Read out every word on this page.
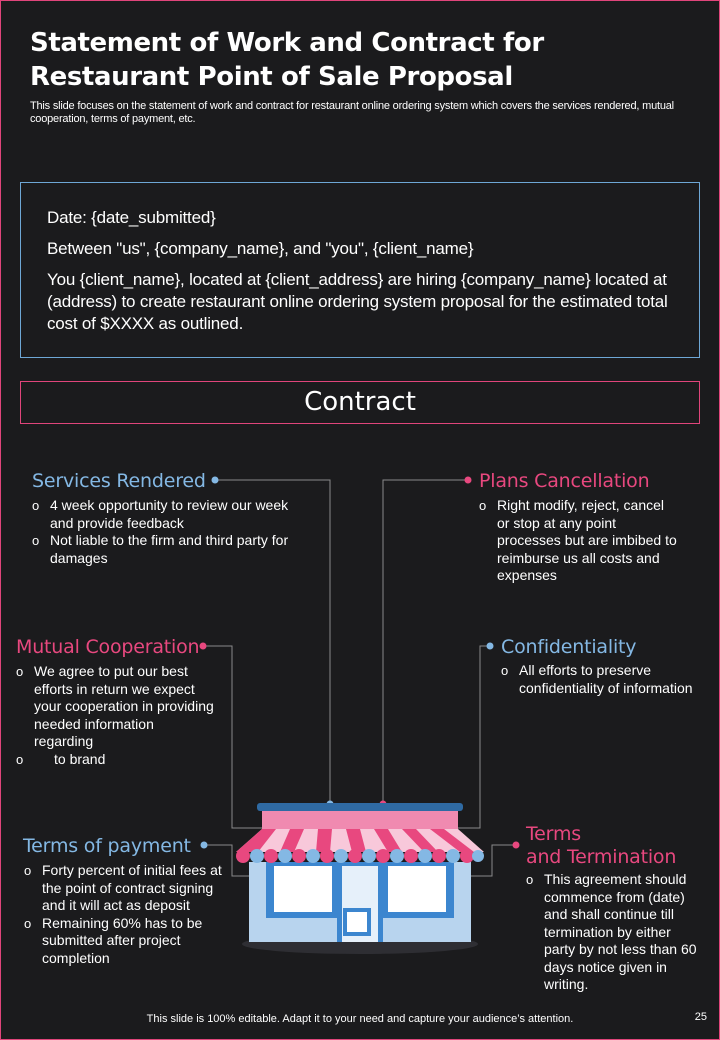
Statement of Work and Contract for Restaurant Point of Sale Proposal
This slide focuses on the statement of work and contract for restaurant online ordering system which covers the services rendered, mutual cooperation, terms of payment, etc.

Date: {date_submitted}

Between "us", {company_name}, and "you", {client_name}

You {client_name}, located at {client_address} are hiring {company_name} located at (address) to create restaurant online ordering system proposal for the estimated total cost of $XXXX as outlined.

Contract
Services Rendered
o 4 week opportunity to review our week and provide feedback
o Not liable to the firm and third party for damages
Plans Cancellation
o Right modify, reject, cancel or stop at any point processes but are imbibed to reimburse us all costs and expenses
Mutual Cooperation
o We agree to put our best efforts in return we expect your cooperation in providing needed information regarding
o to brand
Confidentiality
o All efforts to preserve confidentiality of information
Terms of payment
o Forty percent of initial fees at the point of contract signing and it will act as deposit
o Remaining 60% has to be submitted after project completion
Terms
and Termination
o This agreement should commence from (date) and shall continue till termination by either party by not less than 60 days notice given in writing.
This slide is 100% editable. Adapt it to your need and capture your audience’s attention.	25
